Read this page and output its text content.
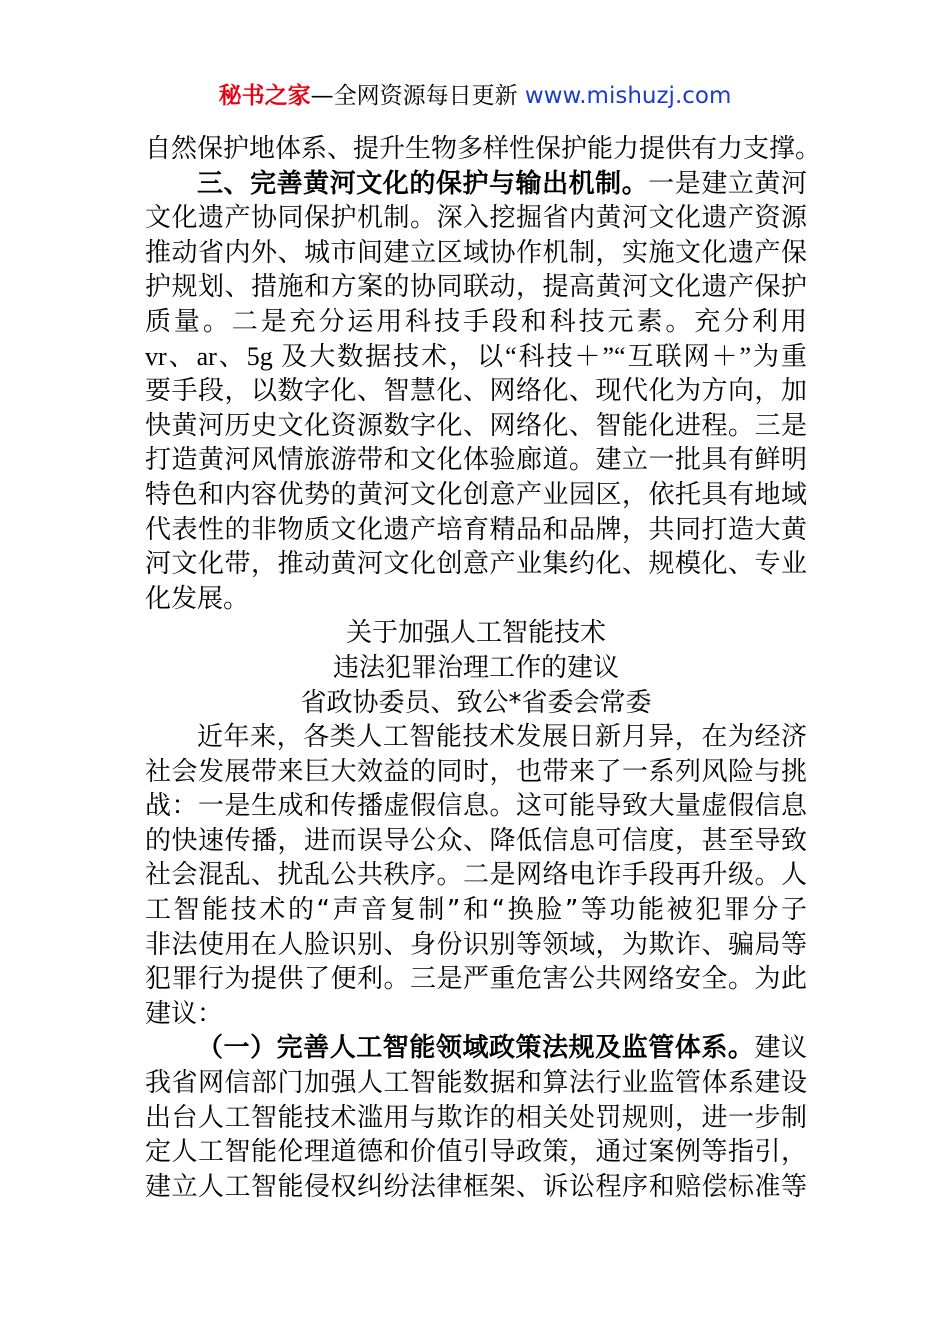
秘书之家—全网资源每日更新 www.mishuzj.com
自然保护地体系、提升生物多样性保护能力提供有力支撑。
三、完善黄河文化的保护与输出机制。一是建立黄河
文化遗产协同保护机制。深入挖掘省内黄河文化遗产资源
推动省内外、城市间建立区域协作机制，实施文化遗产保
护规划、措施和方案的协同联动，提高黄河文化遗产保护
质量。二是充分运用科技手段和科技元素。充分利用
vr、ar、5g 及大数据技术，以“科技＋”“互联网＋”为重
要手段，以数字化、智慧化、网络化、现代化为方向，加
快黄河历史文化资源数字化、网络化、智能化进程。三是
打造黄河风情旅游带和文化体验廊道。建立一批具有鲜明
特色和内容优势的黄河文化创意产业园区，依托具有地域
代表性的非物质文化遗产培育精品和品牌，共同打造大黄
河文化带，推动黄河文化创意产业集约化、规模化、专业
化发展。
关于加强人工智能技术
违法犯罪治理工作的建议
省政协委员、致公*省委会常委
近年来，各类人工智能技术发展日新月异，在为经济
社会发展带来巨大效益的同时，也带来了一系列风险与挑
战：一是生成和传播虚假信息。这可能导致大量虚假信息
的快速传播，进而误导公众、降低信息可信度，甚至导致
社会混乱、扰乱公共秩序。二是网络电诈手段再升级。人
工智能技术的“声音复制”和“换脸”等功能被犯罪分子
非法使用在人脸识别、身份识别等领域，为欺诈、骗局等
犯罪行为提供了便利。三是严重危害公共网络安全。为此
建议：
（一）完善人工智能领域政策法规及监管体系。建议
我省网信部门加强人工智能数据和算法行业监管体系建设
出台人工智能技术滥用与欺诈的相关处罚规则，进一步制
定人工智能伦理道德和价值引导政策，通过案例等指引，
建立人工智能侵权纠纷法律框架、诉讼程序和赔偿标准等
